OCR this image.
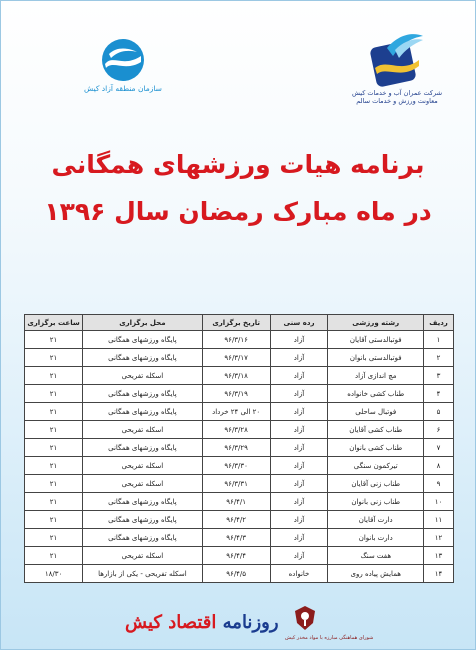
سازمان منطقه آزاد کیش	شرکت عمران آب و خدمات کیش
معاونت ورزش و خدمات سالم
برنامه هیات ورزشهای همگانی
در ماه مبارک رمضان سال ۱۳۹۶
ردیف	رشته ورزشی	رده سنی	تاریخ برگزاری	محل برگزاری	ساعت برگزاری
۱	فوتبالدستی آقایان	آزاد	۹۶/۳/۱۶	پایگاه ورزشهای همگانی	۲۱
۲	فوتبالدستی بانوان	آزاد	۹۶/۳/۱۷	پایگاه ورزشهای همگانی	۲۱
۳	مچ اندازی آزاد	آزاد	۹۶/۳/۱۸	اسکله تفریحی	۲۱
۴	طناب کشی خانواده	آزاد	۹۶/۳/۱۹	پایگاه ورزشهای همگانی	۲۱
۵	فوتبال ساحلی	آزاد	۲۰ الی ۲۴ خرداد	پایگاه ورزشهای همگانی	۲۱
۶	طناب کشی آقایان	آزاد	۹۶/۳/۲۸	اسکله تفریحی	۲۱
۷	طناب کشی بانوان	آزاد	۹۶/۳/۲۹	پایگاه ورزشهای همگانی	۲۱
۸	تیرکمون سنگی	آزاد	۹۶/۳/۳۰	اسکله تفریحی	۲۱
۹	طناب زنی آقایان	آزاد	۹۶/۳/۳۱	اسکله تفریحی	۲۱
۱۰	طناب زنی بانوان	آزاد	۹۶/۴/۱	پایگاه ورزشهای همگانی	۲۱
۱۱	دارت آقایان	آزاد	۹۶/۴/۲	پایگاه ورزشهای همگانی	۲۱
۱۲	دارت بانوان	آزاد	۹۶/۴/۳	پایگاه ورزشهای همگانی	۲۱
۱۳	هفت سنگ	آزاد	۹۶/۴/۴	اسکله تفریحی	۲۱
۱۴	همایش پیاده روی	خانواده	۹۶/۴/۵	اسکله تفریحی - یکی از بازارها	۱۸/۳۰
روزنامه اقتصاد کیش
شورای هماهنگی مبارزه با مواد مخدر کیش
